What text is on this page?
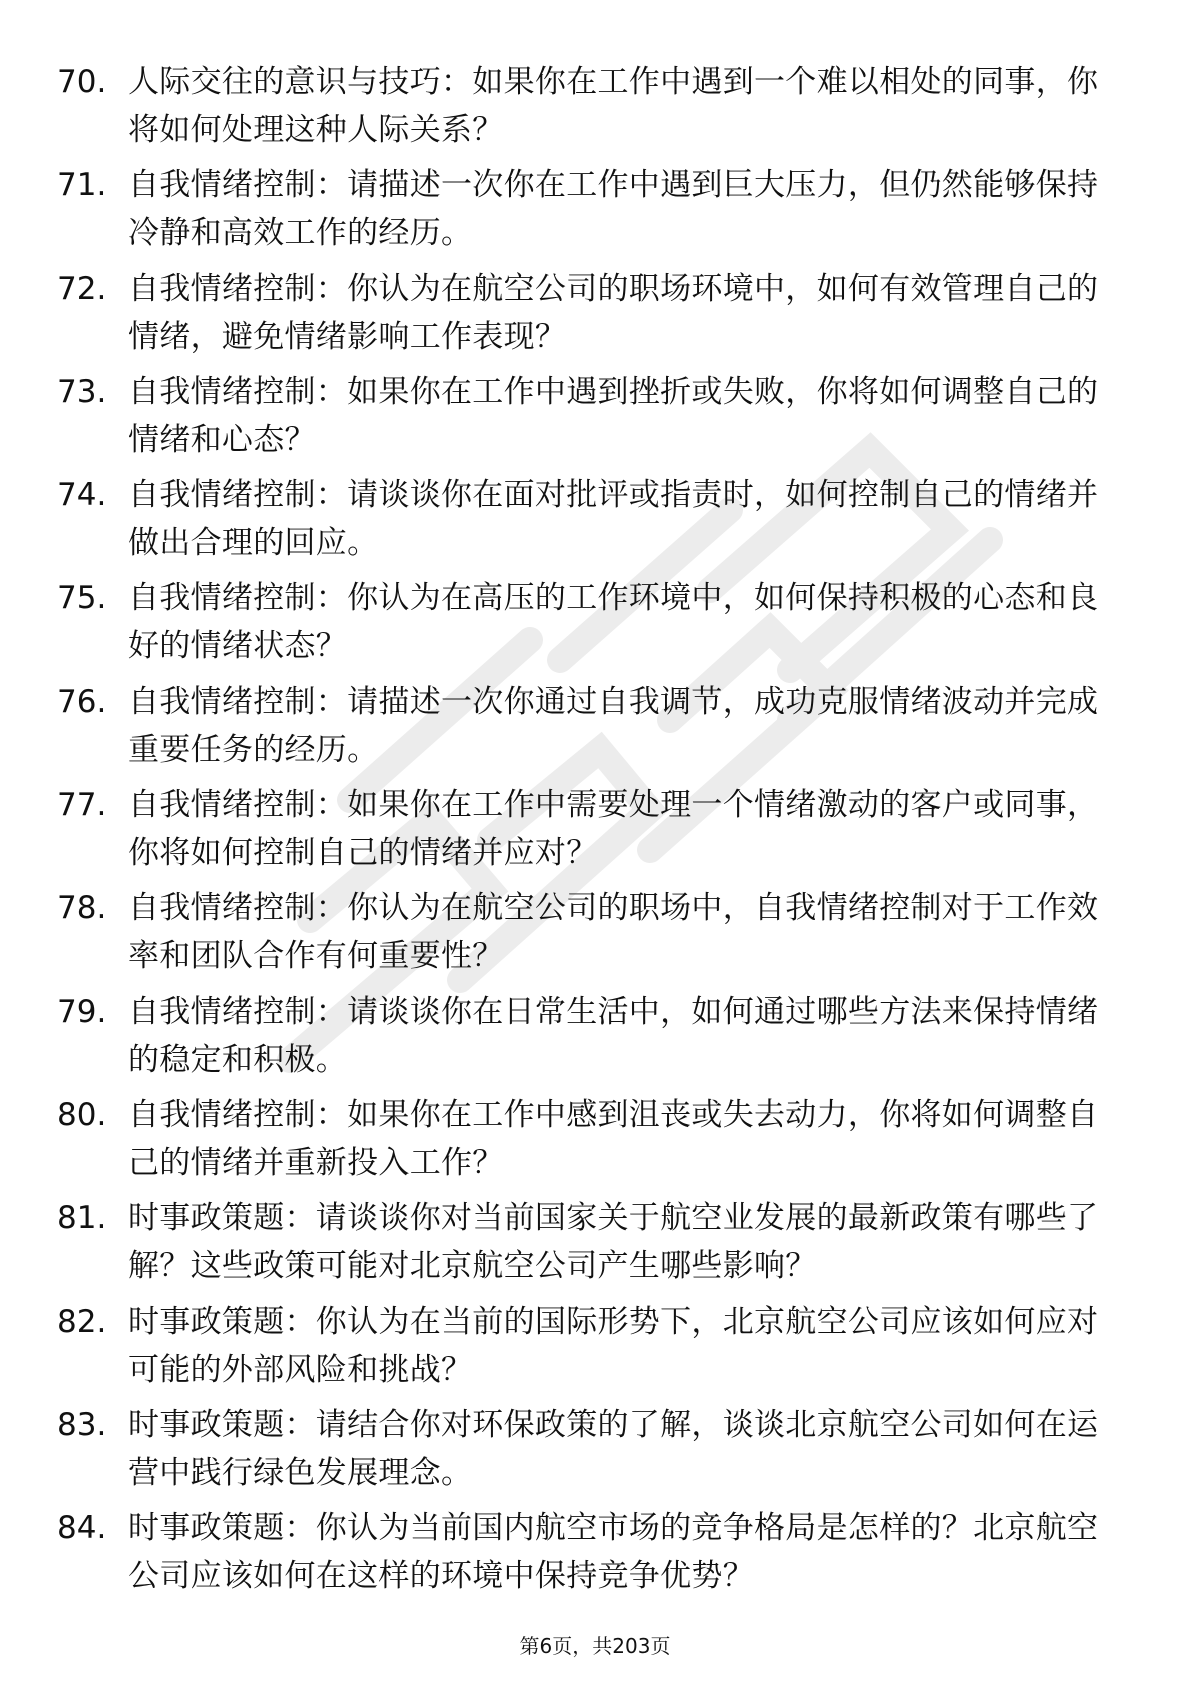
70. 人际交往的意识与技巧：如果你在工作中遇到一个难以相处的同事，你将如何处理这种人际关系？
71. 自我情绪控制：请描述一次你在工作中遇到巨大压力，但仍然能够保持冷静和高效工作的经历。
72. 自我情绪控制：你认为在航空公司的职场环境中，如何有效管理自己的情绪，避免情绪影响工作表现？
73. 自我情绪控制：如果你在工作中遇到挫折或失败，你将如何调整自己的情绪和心态？
74. 自我情绪控制：请谈谈你在面对批评或指责时，如何控制自己的情绪并做出合理的回应。
75. 自我情绪控制：你认为在高压的工作环境中，如何保持积极的心态和良好的情绪状态？
76. 自我情绪控制：请描述一次你通过自我调节，成功克服情绪波动并完成重要任务的经历。
77. 自我情绪控制：如果你在工作中需要处理一个情绪激动的客户或同事，你将如何控制自己的情绪并应对？
78. 自我情绪控制：你认为在航空公司的职场中，自我情绪控制对于工作效率和团队合作有何重要性？
79. 自我情绪控制：请谈谈你在日常生活中，如何通过哪些方法来保持情绪的稳定和积极。
80. 自我情绪控制：如果你在工作中感到沮丧或失去动力，你将如何调整自己的情绪并重新投入工作？
81. 时事政策题：请谈谈你对当前国家关于航空业发展的最新政策有哪些了解？这些政策可能对北京航空公司产生哪些影响？
82. 时事政策题：你认为在当前的国际形势下，北京航空公司应该如何应对可能的外部风险和挑战？
83. 时事政策题：请结合你对环保政策的了解，谈谈北京航空公司如何在运营中践行绿色发展理念。
84. 时事政策题：你认为当前国内航空市场的竞争格局是怎样的？北京航空公司应该如何在这样的环境中保持竞争优势？
第6页，共203页
